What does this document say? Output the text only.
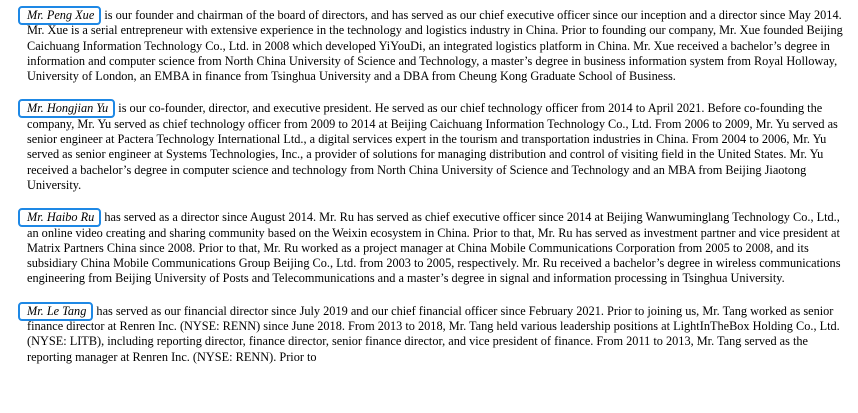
Mr. Peng Xue is our founder and chairman of the board of directors, and has served as our chief executive officer since our inception and a director since May 2014. Mr. Xue is a serial entrepreneur with extensive experience in the technology and logistics industry in China. Prior to founding our company, Mr. Xue founded Beijing Caichuang Information Technology Co., Ltd. in 2008 which developed YiYouDi, an integrated logistics platform in China. Mr. Xue received a bachelor’s degree in information and computer science from North China University of Science and Technology, a master’s degree in business information system from Royal Holloway, University of London, an EMBA in finance from Tsinghua University and a DBA from Cheung Kong Graduate School of Business.

Mr. Hongjian Yu is our co-founder, director, and executive president. He served as our chief technology officer from 2014 to April 2021. Before co-founding the company, Mr. Yu served as chief technology officer from 2009 to 2014 at Beijing Caichuang Information Technology Co., Ltd. From 2006 to 2009, Mr. Yu served as senior engineer at Pactera Technology International Ltd., a digital services expert in the tourism and transportation industries in China. From 2004 to 2006, Mr. Yu served as senior engineer at Systems Technologies, Inc., a provider of solutions for managing distribution and control of visiting field in the United States. Mr. Yu received a bachelor’s degree in computer science and technology from North China University of Science and Technology and an MBA from Beijing Jiaotong University.

Mr. Haibo Ru has served as a director since August 2014. Mr. Ru has served as chief executive officer since 2014 at Beijing Wanwuminglang Technology Co., Ltd., an online video creating and sharing community based on the Weixin ecosystem in China. Prior to that, Mr. Ru has served as investment partner and vice president at Matrix Partners China since 2008. Prior to that, Mr. Ru worked as a project manager at China Mobile Communications Corporation from 2005 to 2008, and its subsidiary China Mobile Communications Group Beijing Co., Ltd. from 2003 to 2005, respectively. Mr. Ru received a bachelor’s degree in wireless communications engineering from Beijing University of Posts and Telecommunications and a master’s degree in signal and information processing in Tsinghua University.

Mr. Le Tang has served as our financial director since July 2019 and our chief financial officer since February 2021. Prior to joining us, Mr. Tang worked as senior finance director at Renren Inc. (NYSE: RENN) since June 2018. From 2013 to 2018, Mr. Tang held various leadership positions at LightInTheBox Holding Co., Ltd. (NYSE: LITB), including reporting director, finance director, senior finance director, and vice president of finance. From 2011 to 2013, Mr. Tang served as the reporting manager at Renren Inc. (NYSE: RENN). Prior to
